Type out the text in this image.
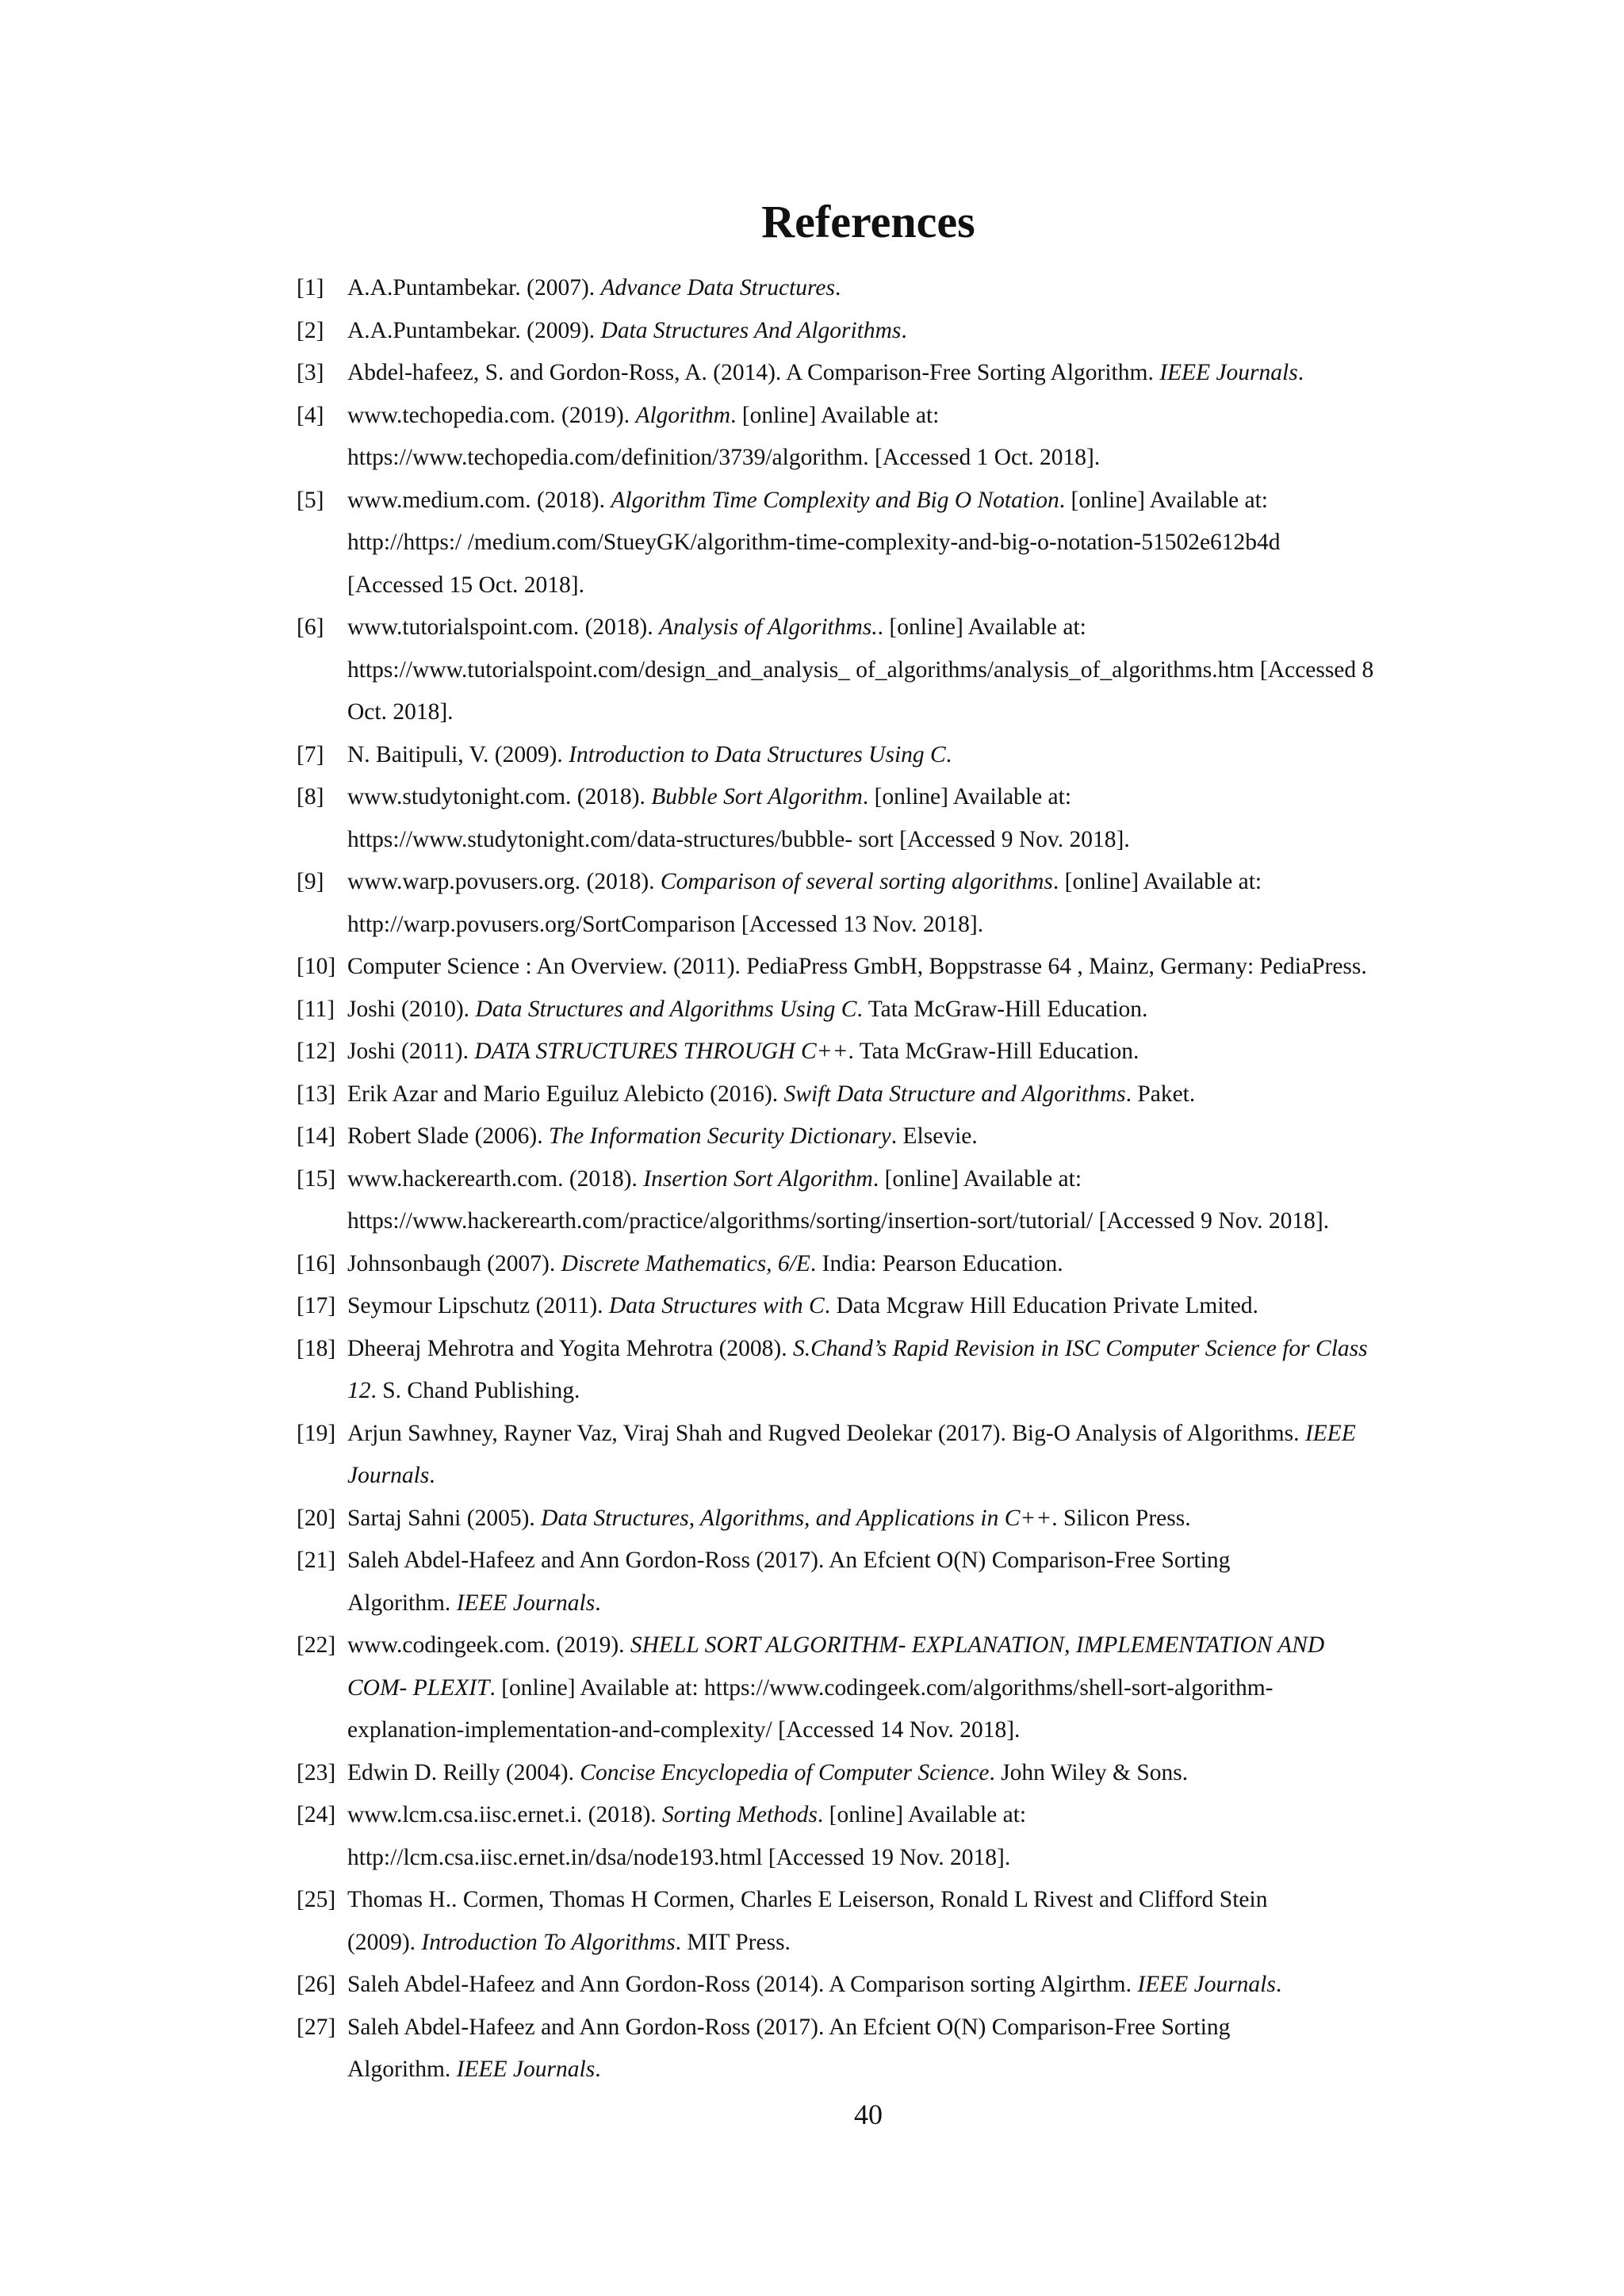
References
[1]	A.A.Puntambekar. (2007). Advance Data Structures.
[2]	A.A.Puntambekar. (2009). Data Structures And Algorithms.
[3]	Abdel-hafeez, S. and Gordon-Ross, A. (2014). A Comparison-Free Sorting Algorithm. IEEE Journals.
[4]	www.techopedia.com. (2019). Algorithm. [online] Available at:
https://www.techopedia.com/definition/3739/algorithm. [Accessed 1 Oct. 2018].
[5]	www.medium.com. (2018). Algorithm Time Complexity and Big O Notation. [online] Available at:
http://https:/ /medium.com/StueyGK/algorithm-time-complexity-and-big-o-notation-51502e612b4d
[Accessed 15 Oct. 2018].
[6]	www.tutorialspoint.com. (2018). Analysis of Algorithms.. [online] Available at:
https://www.tutorialspoint.com/design_and_analysis_ of_algorithms/analysis_of_algorithms.htm [Accessed 8
Oct. 2018].
[7]	N. Baitipuli, V. (2009). Introduction to Data Structures Using C.
[8]	www.studytonight.com. (2018). Bubble Sort Algorithm. [online] Available at:
https://www.studytonight.com/data-structures/bubble- sort [Accessed 9 Nov. 2018].
[9]	www.warp.povusers.org. (2018). Comparison of several sorting algorithms. [online] Available at:
http://warp.povusers.org/SortComparison [Accessed 13 Nov. 2018].
[10] Computer Science : An Overview. (2011). PediaPress GmbH, Boppstrasse 64 , Mainz, Germany: PediaPress.
[11] Joshi (2010). Data Structures and Algorithms Using C. Tata McGraw-Hill Education.
[12] Joshi (2011). DATA STRUCTURES THROUGH C++. Tata McGraw-Hill Education.
[13] Erik Azar and Mario Eguiluz Alebicto (2016). Swift Data Structure and Algorithms. Paket.
[14] Robert Slade (2006). The Information Security Dictionary. Elsevie.
[15] www.hackerearth.com. (2018). Insertion Sort Algorithm. [online] Available at:
https://www.hackerearth.com/practice/algorithms/sorting/insertion-sort/tutorial/ [Accessed 9 Nov. 2018].
[16] Johnsonbaugh (2007). Discrete Mathematics, 6/E. India: Pearson Education.
[17] Seymour Lipschutz (2011). Data Structures with C. Data Mcgraw Hill Education Private Lmited.
[18] Dheeraj Mehrotra and Yogita Mehrotra (2008). S.Chand’s Rapid Revision in ISC Computer Science for Class
12. S. Chand Publishing.
[19] Arjun Sawhney, Rayner Vaz, Viraj Shah and Rugved Deolekar (2017). Big-O Analysis of Algorithms. IEEE
Journals.
[20] Sartaj Sahni (2005). Data Structures, Algorithms, and Applications in C++. Silicon Press.
[21] Saleh Abdel-Hafeez and Ann Gordon-Ross (2017). An Efcient O(N) Comparison-Free Sorting
Algorithm. IEEE Journals.
[22] www.codingeek.com. (2019). SHELL SORT ALGORITHM- EXPLANATION, IMPLEMENTATION AND
COM- PLEXIT. [online] Available at: https://www.codingeek.com/algorithms/shell-sort-algorithm-
explanation-implementation-and-complexity/ [Accessed 14 Nov. 2018].
[23] Edwin D. Reilly (2004). Concise Encyclopedia of Computer Science. John Wiley & Sons.
[24] www.lcm.csa.iisc.ernet.i. (2018). Sorting Methods. [online] Available at:
http://lcm.csa.iisc.ernet.in/dsa/node193.html [Accessed 19 Nov. 2018].
[25] Thomas H.. Cormen, Thomas H Cormen, Charles E Leiserson, Ronald L Rivest and Clifford Stein
(2009). Introduction To Algorithms. MIT Press.
[26] Saleh Abdel-Hafeez and Ann Gordon-Ross (2014). A Comparison sorting Algirthm. IEEE Journals.
[27] Saleh Abdel-Hafeez and Ann Gordon-Ross (2017). An Efcient O(N) Comparison-Free Sorting
Algorithm. IEEE Journals.
40
